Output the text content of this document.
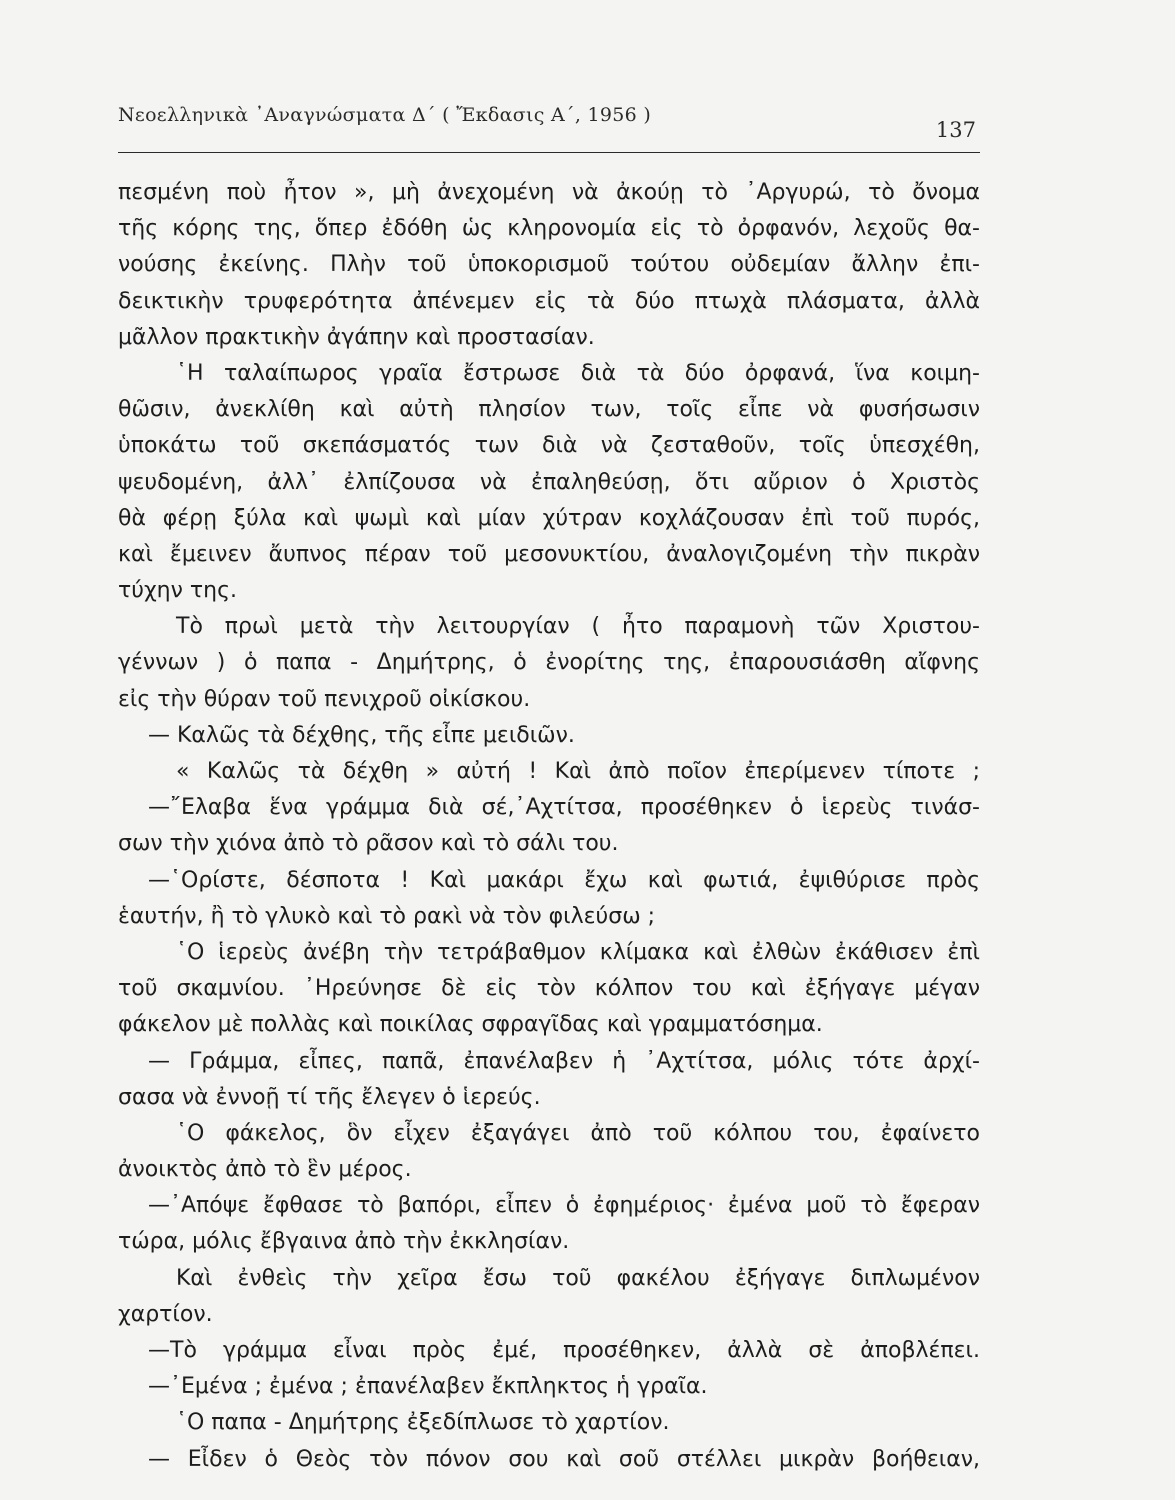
Νεοελληνικὰ ᾿Αναγνώσματα Δ΄ ( Ἔκδασις Α΄, 1956 )
137
πεσμένη ποὺ ἦτον », μὴ ἀνεχομένη νὰ ἀκούῃ τὸ ᾿Αργυρώ, τὸ ὄνομα
τῆς κόρης της, ὅπερ ἐδόθη ὡς κληρονομία εἰς τὸ ὀρφανόν, λεχοῦς θα-
νούσης ἐκείνης. Πλὴν τοῦ ὑποκορισμοῦ τούτου οὐδεμίαν ἄλλην ἐπι-
δεικτικὴν τρυφερότητα ἀπένεμεν εἰς τὰ δύο πτωχὰ πλάσματα, ἀλλὰ
μᾶλλον πρακτικὴν ἀγάπην καὶ προστασίαν.
῾Η ταλαίπωρος γραῖα ἔστρωσε διὰ τὰ δύο ὀρφανά, ἵνα κοιμη-
θῶσιν, ἀνεκλίθη καὶ αὐτὴ πλησίον των, τοῖς εἶπε νὰ φυσήσωσιν
ὑποκάτω τοῦ σκεπάσματός των διὰ νὰ ζεσταθοῦν, τοῖς ὑπεσχέθη,
ψευδομένη, ἀλλ᾿ ἐλπίζουσα νὰ ἐπαληθεύσῃ, ὅτι αὔριον ὁ Χριστὸς
θὰ φέρῃ ξύλα καὶ ψωμὶ καὶ μίαν χύτραν κοχλάζουσαν ἐπὶ τοῦ πυρός,
καὶ ἔμεινεν ἄυπνος πέραν τοῦ μεσονυκτίου, ἀναλογιζομένη τὴν πικρὰν
τύχην της.
Τὸ πρωὶ μετὰ τὴν λειτουργίαν ( ἦτο παραμονὴ τῶν Χριστου-
γέννων ) ὁ παπα - Δημήτρης, ὁ ἐνορίτης της, ἐπαρουσιάσθη αἴφνης
εἰς τὴν θύραν τοῦ πενιχροῦ οἰκίσκου.
— Καλῶς τὰ δέχθης, τῆς εἶπε μειδιῶν.
« Καλῶς τὰ δέχθη » αὐτή ! Καὶ ἀπὸ ποῖον ἐπερίμενεν τίποτε ;
—῎Ελαβα ἕνα γράμμα διὰ σέ,᾿Αχτίτσα, προσέθηκεν ὁ ἱερεὺς τινάσ-
σων τὴν χιόνα ἀπὸ τὸ ρᾶσον καὶ τὸ σάλι του.
—῾Ορίστε, δέσποτα ! Καὶ μακάρι ἔχω καὶ φωτιά, ἐψιθύρισε πρὸς
ἑαυτήν, ἢ τὸ γλυκὸ καὶ τὸ ρακὶ νὰ τὸν φιλεύσω ;
῾Ο ἱερεὺς ἀνέβη τὴν τετράβαθμον κλίμακα καὶ ἐλθὼν ἐκάθισεν ἐπὶ
τοῦ σκαμνίου. ᾿Ηρεύνησε δὲ εἰς τὸν κόλπον του καὶ ἐξήγαγε μέγαν
φάκελον μὲ πολλὰς καὶ ποικίλας σφραγῖδας καὶ γραμματόσημα.
— Γράμμα, εἶπες, παπᾶ, ἐπανέλαβεν ἡ ᾿Αχτίτσα, μόλις τότε ἀρχί-
σασα νὰ ἐννοῇ τί τῆς ἔλεγεν ὁ ἱερεύς.
῾Ο φάκελος, ὃν εἶχεν ἐξαγάγει ἀπὸ τοῦ κόλπου του, ἐφαίνετο
ἀνοικτὸς ἀπὸ τὸ ἓν μέρος.
—᾿Απόψε ἔφθασε τὸ βαπόρι, εἶπεν ὁ ἐφημέριος· ἐμένα μοῦ τὸ ἔφεραν
τώρα, μόλις ἔβγαινα ἀπὸ τὴν ἐκκλησίαν.
Καὶ ἐνθεὶς τὴν χεῖρα ἔσω τοῦ φακέλου ἐξήγαγε διπλωμένον
χαρτίον.
—Τὸ γράμμα εἶναι πρὸς ἐμέ, προσέθηκεν, ἀλλὰ σὲ ἀποβλέπει.
—᾿Εμένα ; ἐμένα ; ἐπανέλαβεν ἔκπληκτος ἡ γραῖα.
῾Ο παπα - Δημήτρης ἐξεδίπλωσε τὸ χαρτίον.
— Εἶδεν ὁ Θεὸς τὸν πόνον σου καὶ σοῦ στέλλει μικρὰν βοήθειαν,
